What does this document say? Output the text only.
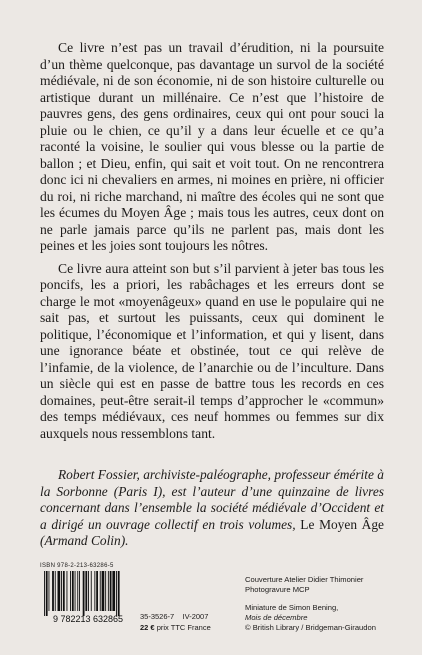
Ce livre n’est pas un travail d’érudition, ni la poursuite d’un thème quelconque, pas davantage un survol de la société médiévale, ni de son économie, ni de son histoire culturelle ou artistique durant un millénaire. Ce n’est que l’histoire de pauvres gens, des gens ordinaires, ceux qui ont pour souci la pluie ou le chien, ce qu’il y a dans leur écuelle et ce qu’a raconté la voisine, le soulier qui vous blesse ou la partie de ballon ; et Dieu, enfin, qui sait et voit tout. On ne rencontrera donc ici ni chevaliers en armes, ni moines en prière, ni officier du roi, ni riche marchand, ni maître des écoles qui ne sont que les écumes du Moyen Âge ; mais tous les autres, ceux dont on ne parle jamais parce qu’ils ne parlent pas, mais dont les peines et les joies sont toujours les nôtres.

Ce livre aura atteint son but s’il parvient à jeter bas tous les poncifs, les a priori, les rabâchages et les erreurs dont se charge le mot «moyenâgeux» quand en use le populaire qui ne sait pas, et surtout les puissants, ceux qui dominent le politique, l’économique et l’information, et qui y lisent, dans une ignorance béate et obstinée, tout ce qui relève de l’infamie, de la violence, de l’anarchie ou de l’inculture. Dans un siècle qui est en passe de battre tous les records en ces domaines, peut-être serait-il temps d’approcher le «commun» des temps médiévaux, ces neuf hommes ou femmes sur dix auxquels nous ressemblons tant.

Robert Fossier, archiviste-paléographe, professeur émérite à la Sorbonne (Paris I), est l’auteur d’une quinzaine de livres concernant dans l’ensemble la société médiévale d’Occident et a dirigé un ouvrage collectif en trois volumes, Le Moyen Âge (Armand Colin).

ISBN 978-2-213-63286-5
9 782213 632865 35-3526-7 IV-2007
22 € prix TTC France
Couverture Atelier Didier Thimonier
Photogravure MCP
Miniature de Simon Bening,
Mois de décembre
© British Library / Bridgeman-Giraudon
